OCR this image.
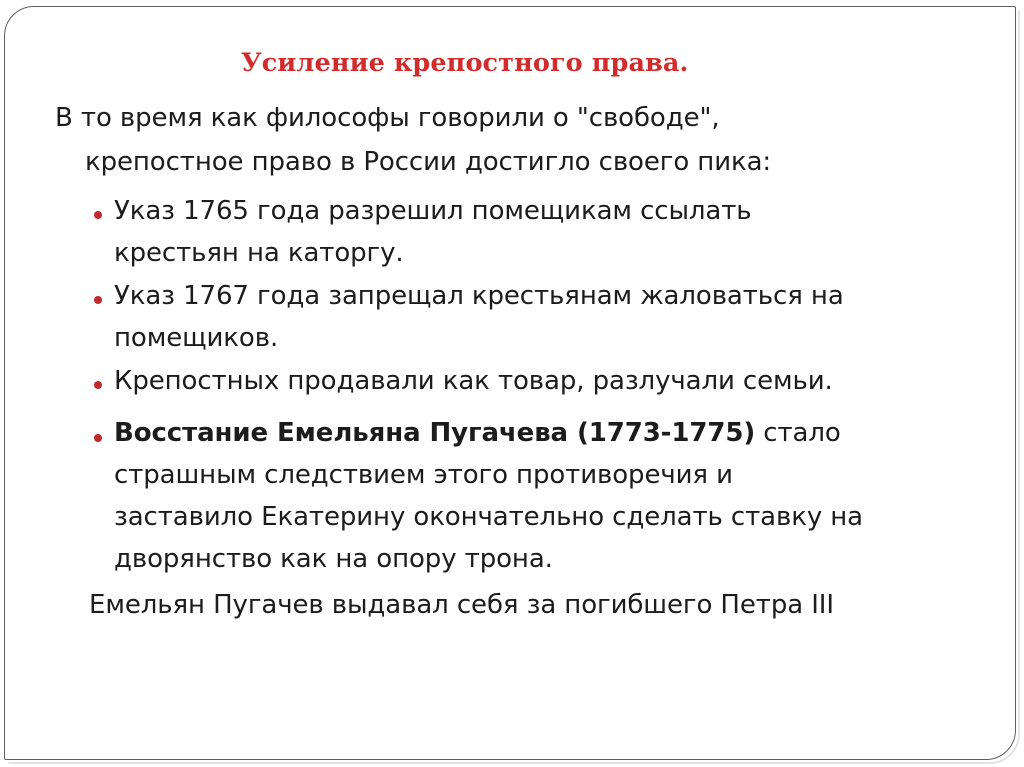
Усиление крепостного права.
В то время как философы говорили о "свободе",
крепостное право в России достигло своего пика:
Указ 1765 года разрешил помещикам ссылать
крестьян на каторгу.
Указ 1767 года запрещал крестьянам жаловаться на
помещиков.
Крепостных продавали как товар, разлучали семьи.
Восстание Емельяна Пугачева (1773-1775) стало
страшным следствием этого противоречия и
заставило Екатерину окончательно сделать ставку на
дворянство как на опору трона.
Емельян Пугачев выдавал себя за погибшего Петра III
